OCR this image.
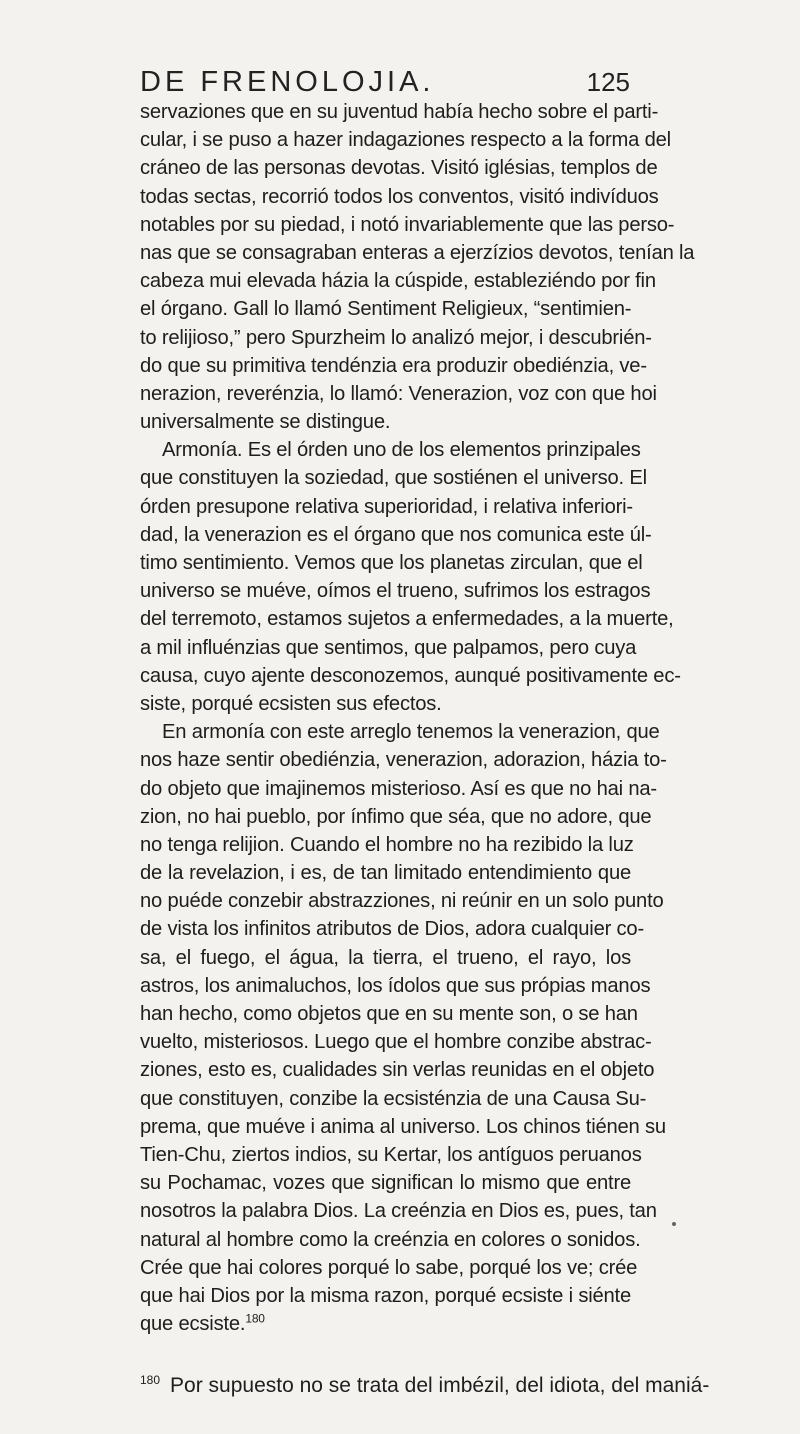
DE FRENOLOJIA.	125
servaziones que en su juventud había hecho sobre el parti-
cular, i se puso a hazer indagaziones respecto a la forma del
cráneo de las personas devotas. Visitó iglésias, templos de
todas sectas, recorrió todos los conventos, visitó indivíduos
notables por su piedad, i notó invariablemente que las perso-
nas que se consagraban enteras a ejerzízios devotos, tenían la
cabeza mui elevada házia la cúspide, estableziéndo por fin
el órgano. Gall lo llamó Sentiment Religieux, “sentimien-
to relijioso,” pero Spurzheim lo analizó mejor, i descubrién-
do que su primitiva tendénzia era produzir obediénzia, ve-
nerazion, reverénzia, lo llamó: Venerazion, voz con que hoi
universalmente se distingue.
Armonía. Es el órden uno de los elementos prinzipales
que constituyen la soziedad, que sostiénen el universo. El
órden presupone relativa superioridad, i relativa inferiori-
dad, la venerazion es el órgano que nos comunica este úl-
timo sentimiento. Vemos que los planetas zirculan, que el
universo se muéve, oímos el trueno, sufrimos los estragos
del terremoto, estamos sujetos a enfermedades, a la muerte,
a mil influénzias que sentimos, que palpamos, pero cuya
causa, cuyo ajente desconozemos, aunqué positivamente ec-
siste, porqué ecsisten sus efectos.
En armonía con este arreglo tenemos la venerazion, que
nos haze sentir obediénzia, venerazion, adorazion, házia to-
do objeto que imajinemos misterioso. Así es que no hai na-
zion, no hai pueblo, por ínfimo que séa, que no adore, que
no tenga relijion. Cuando el hombre no ha rezibido la luz
de la revelazion, i es, de tan limitado entendimiento que
no puéde conzebir abstrazziones, ni reúnir en un solo punto
de vista los infinitos atributos de Dios, adora cualquier co-
sa, el fuego, el água, la tierra, el trueno, el rayo, los
astros, los animaluchos, los ídolos que sus própias manos
han hecho, como objetos que en su mente son, o se han
vuelto, misteriosos. Luego que el hombre conzibe abstrac-
ziones, esto es, cualidades sin verlas reunidas en el objeto
que constituyen, conzibe la ecsisténzia de una Causa Su-
prema, que muéve i anima al universo. Los chinos tiénen su
Tien-Chu, ziertos indios, su Kertar, los antíguos peruanos
su Pochamac, vozes que significan lo mismo que entre
nosotros la palabra Dios. La creénzia en Dios es, pues, tan
natural al hombre como la creénzia en colores o sonidos.
Crée que hai colores porqué lo sabe, porqué los ve; crée
que hai Dios por la misma razon, porqué ecsiste i siénte
que ecsiste.$^{180}$
$^{180}$ Por supuesto no se trata del imbézil, del idiota, del maniá-
